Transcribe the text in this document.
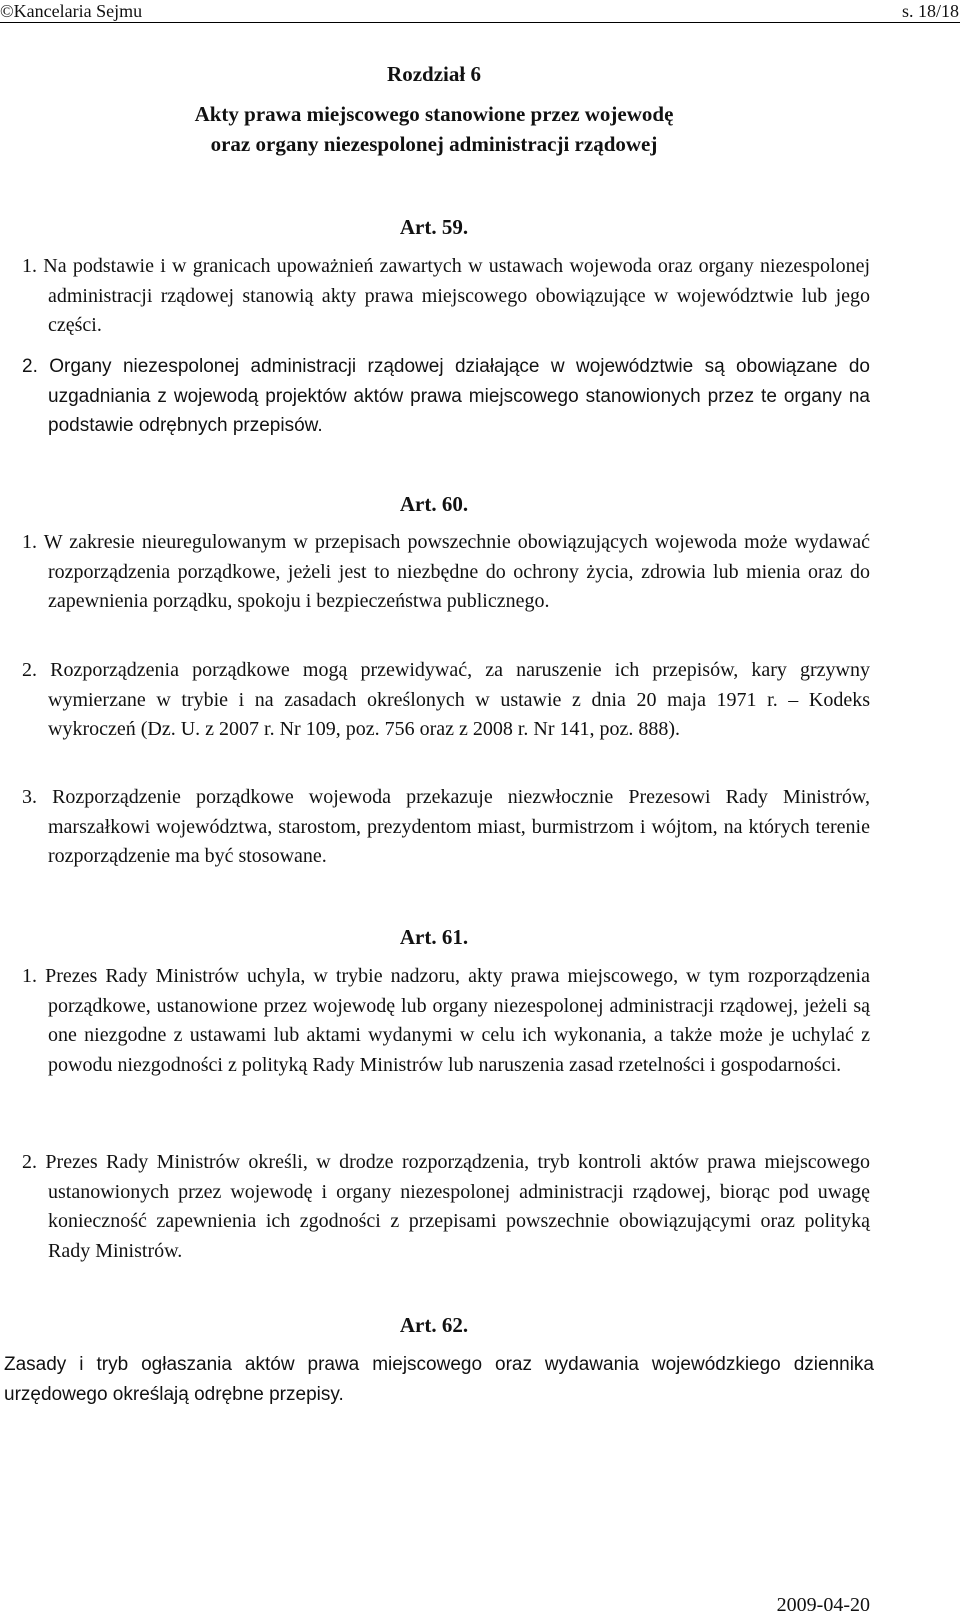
©Kancelaria Sejmu	s. 18/18
Rozdział 6
Akty prawa miejscowego stanowione przez wojewodę
oraz organy niezespolonej administracji rządowej
Art. 59.
1. Na podstawie i w granicach upoważnień zawartych w ustawach wojewoda oraz organy niezespolonej administracji rządowej stanowią akty prawa miejscowego obowiązujące w województwie lub jego części.
2. Organy niezespolonej administracji rządowej działające w województwie są obowiązane do uzgadniania z wojewodą projektów aktów prawa miejscowego stanowionych przez te organy na podstawie odrębnych przepisów.
Art. 60.
1. W zakresie nieuregulowanym w przepisach powszechnie obowiązujących wojewoda może wydawać rozporządzenia porządkowe, jeżeli jest to niezbędne do ochrony życia, zdrowia lub mienia oraz do zapewnienia porządku, spokoju i bezpieczeństwa publicznego.
2. Rozporządzenia porządkowe mogą przewidywać, za naruszenie ich przepisów, kary grzywny wymierzane w trybie i na zasadach określonych w ustawie z dnia 20 maja 1971 r. – Kodeks wykroczeń (Dz. U. z 2007 r. Nr 109, poz. 756 oraz z 2008 r. Nr 141, poz. 888).
3. Rozporządzenie porządkowe wojewoda przekazuje niezwłocznie Prezesowi Rady Ministrów, marszałkowi województwa, starostom, prezydentom miast, burmistrzom i wójtom, na których terenie rozporządzenie ma być stosowane.
Art. 61.
1. Prezes Rady Ministrów uchyla, w trybie nadzoru, akty prawa miejscowego, w tym rozporządzenia porządkowe, ustanowione przez wojewodę lub organy niezespolonej administracji rządowej, jeżeli są one niezgodne z ustawami lub aktami wydanymi w celu ich wykonania, a także może je uchylać z powodu niezgodności z polityką Rady Ministrów lub naruszenia zasad rzetelności i gospodarności.
2. Prezes Rady Ministrów określi, w drodze rozporządzenia, tryb kontroli aktów prawa miejscowego ustanowionych przez wojewodę i organy niezespolonej administracji rządowej, biorąc pod uwagę konieczność zapewnienia ich zgodności z przepisami powszechnie obowiązującymi oraz polityką Rady Ministrów.
Art. 62.
Zasady i tryb ogłaszania aktów prawa miejscowego oraz wydawania wojewódzkiego dziennika urzędowego określają odrębne przepisy.
2009-04-20
